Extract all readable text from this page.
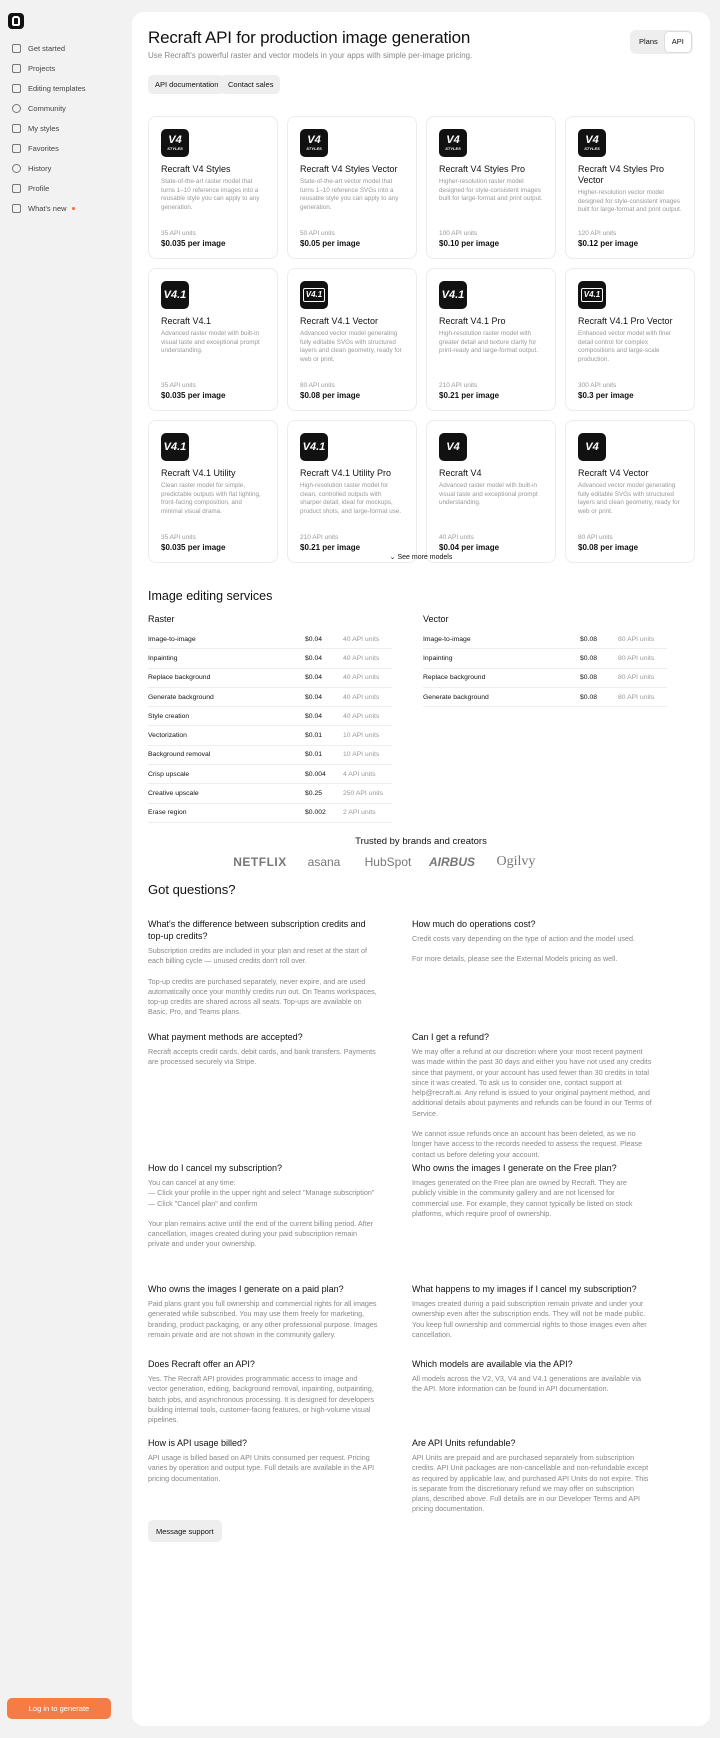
Get started
Projects
Editing templates
Community
My styles
Favorites
History
Profile
What's new
Log in to generate
Recraft API for production image generation
Use Recraft's powerful raster and vector models in your apps with simple per-image pricing.
Plans	API
API documentation	Contact sales
V4
STYLES
Recraft V4 Styles
State-of-the-art raster model that turns 1–10 reference images into a reusable style you can apply to any generation.
35 API units
$0.035 per image
V4
STYLES
Recraft V4 Styles Vector
State-of-the-art vector model that turns 1–10 reference SVGs into a reusable style you can apply to any generation.
50 API units
$0.05 per image
V4
STYLES
Recraft V4 Styles Pro
Higher-resolution raster model designed for style-consistent images built for large-format and print output.
100 API units
$0.10 per image
V4
STYLES
Recraft V4 Styles Pro Vector
Higher-resolution vector model designed for style-consistent images built for large-format and print output.
120 API units
$0.12 per image
V4.1
Recraft V4.1
Advanced raster model with built-in visual taste and exceptional prompt understanding.
35 API units
$0.035 per image
V4.1
Recraft V4.1 Vector
Advanced vector model generating fully editable SVGs with structured layers and clean geometry, ready for web or print.
80 API units
$0.08 per image
V4.1
Recraft V4.1 Pro
High-resolution raster model with greater detail and texture clarity for print-ready and large-format output.
210 API units
$0.21 per image
V4.1
Recraft V4.1 Pro Vector
Enhanced vector model with finer detail control for complex compositions and large-scale production.
300 API units
$0.3 per image
V4.1
Recraft V4.1 Utility
Clean raster model for simple, predictable outputs with flat lighting, front-facing composition, and minimal visual drama.
35 API units
$0.035 per image
V4.1
Recraft V4.1 Utility Pro
High-resolution raster model for clean, controlled outputs with sharper detail, ideal for mockups, product shots, and large-format use.
210 API units
$0.21 per image
V4
Recraft V4
Advanced raster model with built-in visual taste and exceptional prompt understanding.
40 API units
$0.04 per image
V4
Recraft V4 Vector
Advanced vector model generating fully editable SVGs with structured layers and clean geometry, ready for web or print.
80 API units
$0.08 per image
⌄ See more models
Image editing services
Raster	Vector
Image-to-image	$0.04	40 API units
Inpainting	$0.04	40 API units
Replace background	$0.04	40 API units
Generate background	$0.04	40 API units
Style creation	$0.04	40 API units
Vectorization	$0.01	10 API units
Background removal	$0.01	10 API units
Crisp upscale	$0.004	4 API units
Creative upscale	$0.25	250 API units
Erase region	$0.002	2 API units
Image-to-image	$0.08	80 API units
Inpainting	$0.08	80 API units
Replace background	$0.08	80 API units
Generate background	$0.08	80 API units
Trusted by brands and creators
NETFLIX	asana	HubSpot	AIRBUS	Ogilvy
Got questions?
What's the difference between subscription credits and top-up credits?

Subscription credits are included in your plan and reset at the start of each billing cycle — unused credits don't roll over.

Top-up credits are purchased separately, never expire, and are used automatically once your monthly credits run out. On Teams workspaces, top-up credits are shared across all seats. Top-ups are available on Basic, Pro, and Teams plans.

How much do operations cost?

Credit costs vary depending on the type of action and the model used.

For more details, please see the External Models pricing as well.

What payment methods are accepted?

Recraft accepts credit cards, debit cards, and bank transfers. Payments are processed securely via Stripe.

Can I get a refund?

We may offer a refund at our discretion where your most recent payment was made within the past 30 days and either you have not used any credits since that payment, or your account has used fewer than 30 credits in total since it was created. To ask us to consider one, contact support at help@recraft.ai. Any refund is issued to your original payment method, and additional details about payments and refunds can be found in our Terms of Service.

We cannot issue refunds once an account has been deleted, as we no longer have access to the records needed to assess the request. Please contact us before deleting your account.

How do I cancel my subscription?

You can cancel at any time:
— Click your profile in the upper right and select "Manage subscription"
— Click "Cancel plan" and confirm

Your plan remains active until the end of the current billing period. After cancellation, images created during your paid subscription remain private and under your ownership.

Who owns the images I generate on the Free plan?

Images generated on the Free plan are owned by Recraft. They are publicly visible in the community gallery and are not licensed for commercial use. For example, they cannot typically be listed on stock platforms, which require proof of ownership.

Who owns the images I generate on a paid plan?

Paid plans grant you full ownership and commercial rights for all images generated while subscribed. You may use them freely for marketing, branding, product packaging, or any other professional purpose. Images remain private and are not shown in the community gallery.

What happens to my images if I cancel my subscription?

Images created during a paid subscription remain private and under your ownership even after the subscription ends. They will not be made public. You keep full ownership and commercial rights to those images even after cancellation.

Does Recraft offer an API?

Yes. The Recraft API provides programmatic access to image and vector generation, editing, background removal, inpainting, outpainting, batch jobs, and asynchronous processing. It is designed for developers building internal tools, customer-facing features, or high-volume visual pipelines.

Which models are available via the API?

All models across the V2, V3, V4 and V4.1 generations are available via the API. More information can be found in API documentation.

How is API usage billed?

API usage is billed based on API Units consumed per request. Pricing varies by operation and output type. Full details are available in the API pricing documentation.

Are API Units refundable?

API Units are prepaid and are purchased separately from subscription credits. API Unit packages are non-cancellable and non-refundable except as required by applicable law, and purchased API Units do not expire. This is separate from the discretionary refund we may offer on subscription plans, described above. Full details are in our Developer Terms and API pricing documentation.

Message support
